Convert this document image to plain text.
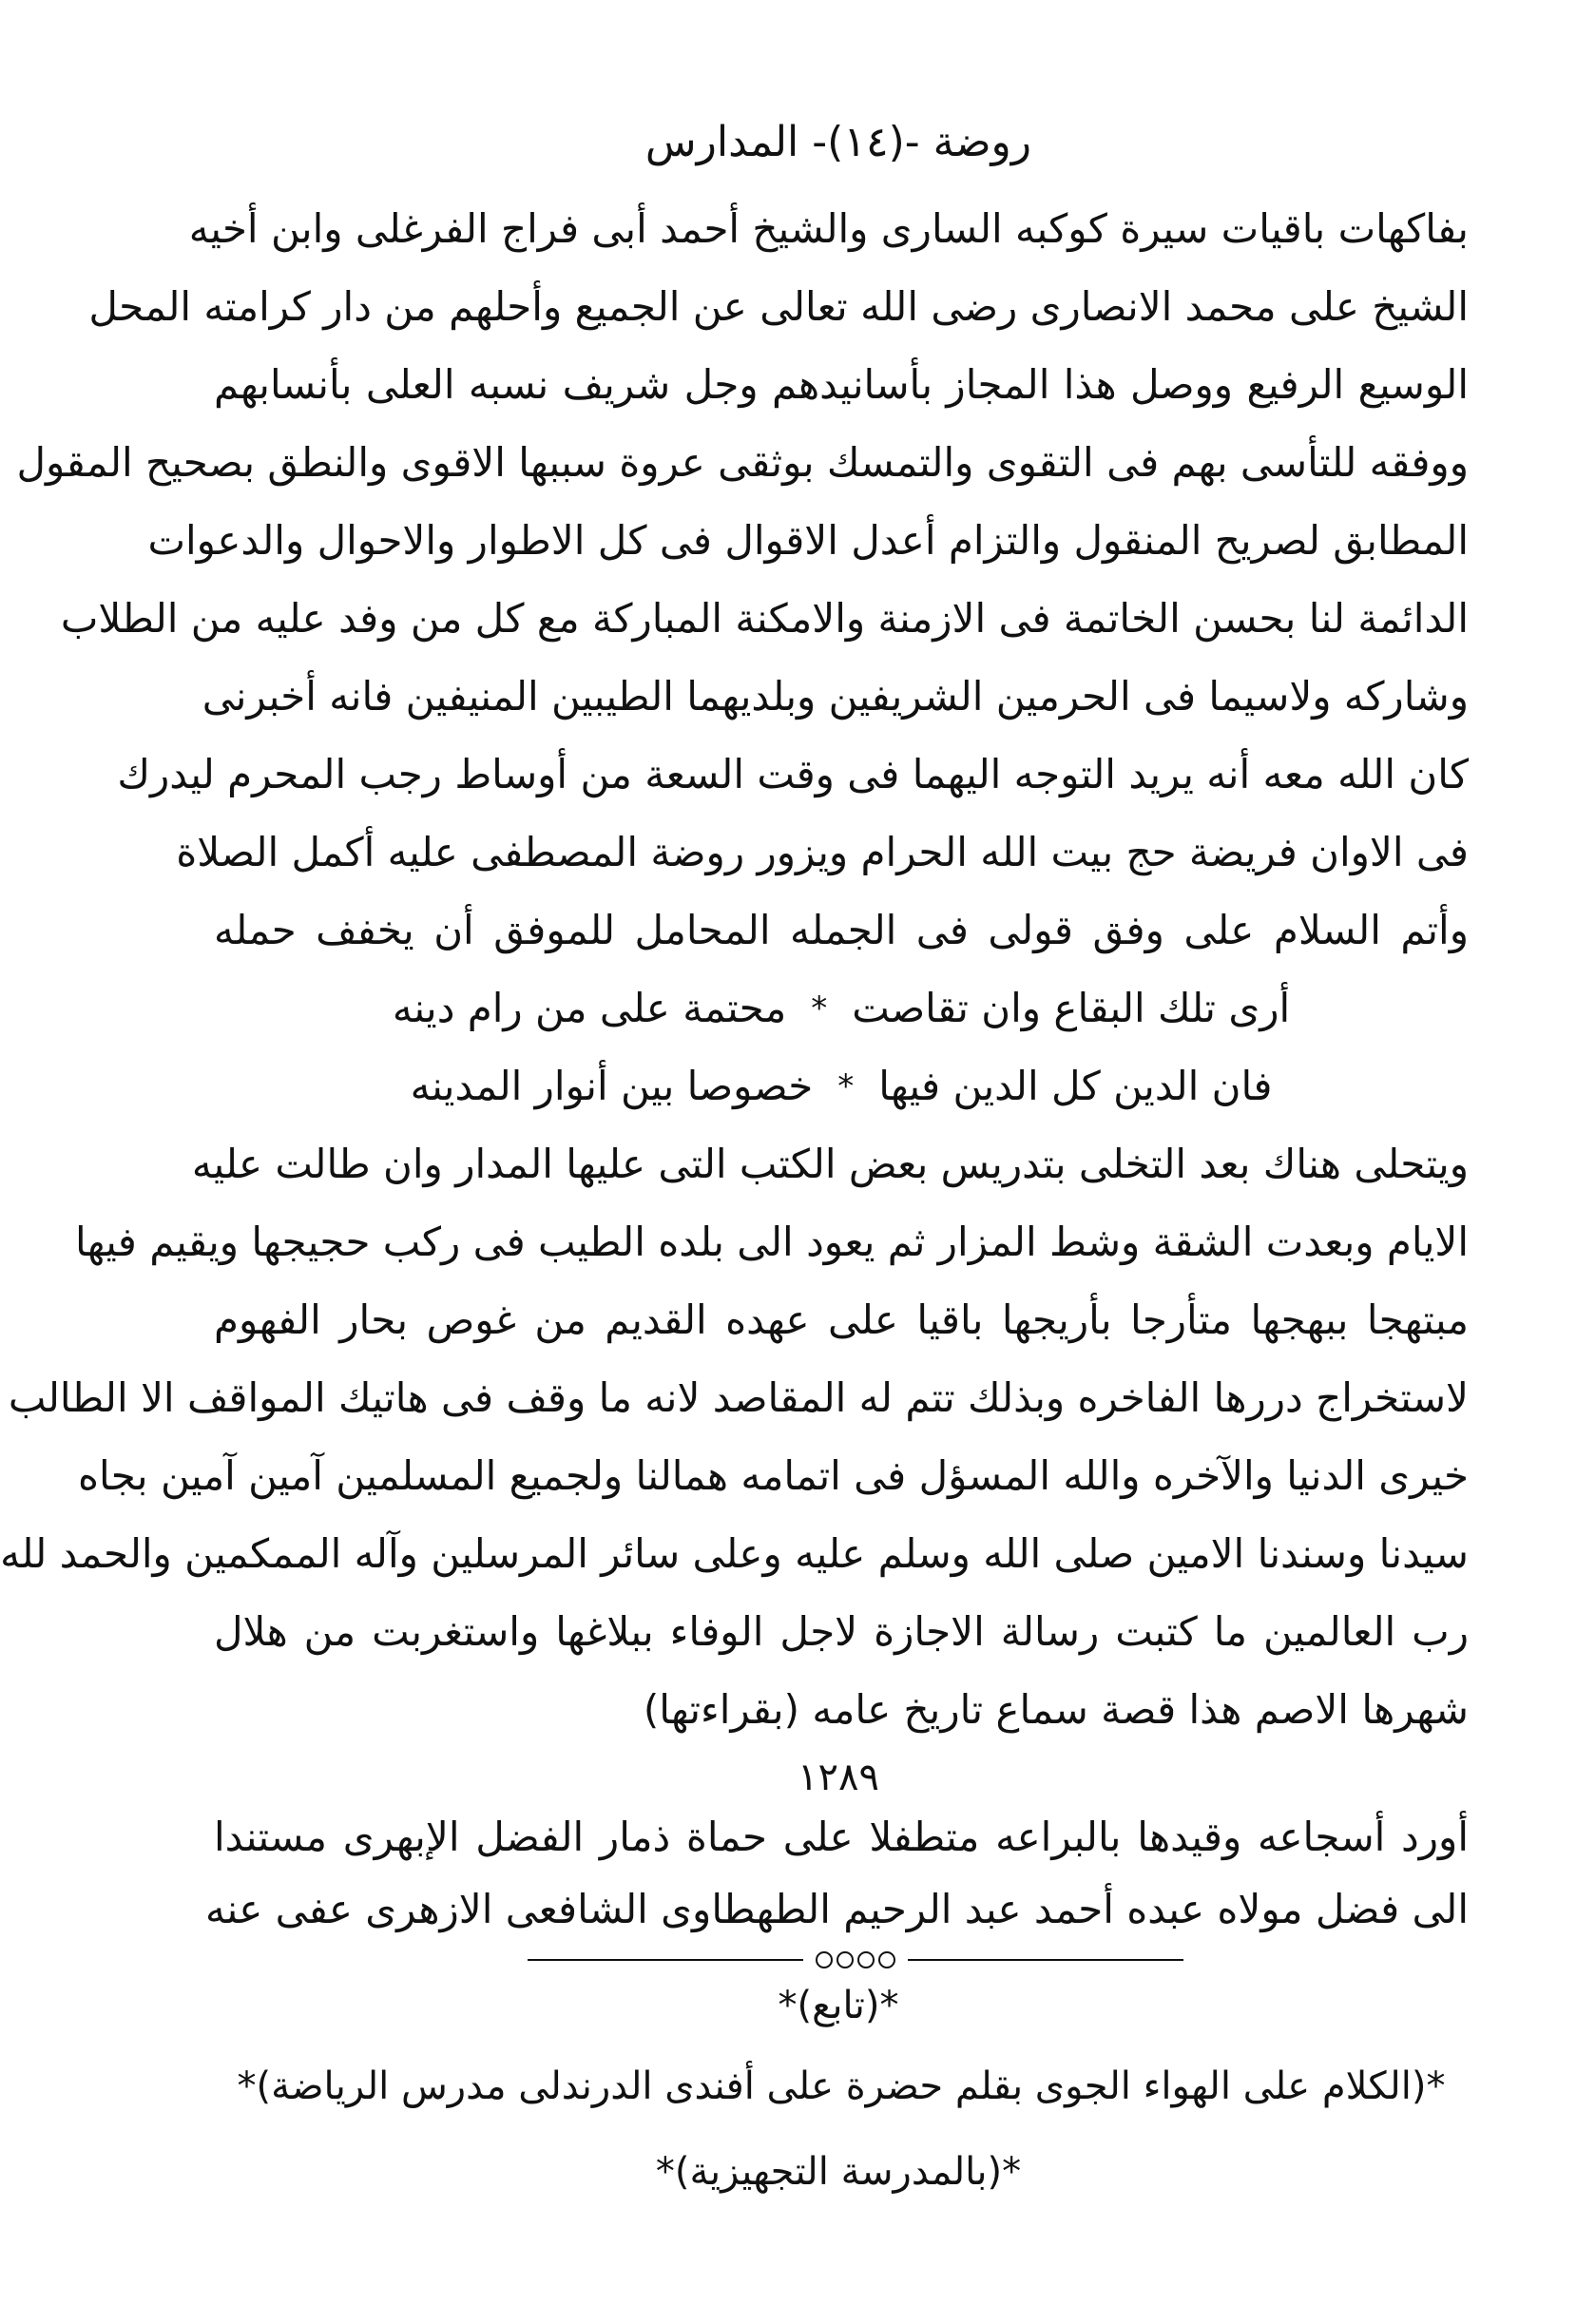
روضة -(١٤)- المدارس
بفاكهات باقيات سيرة كوكبه السارى والشيخ أحمد أبى فراج الفرغلى وابن أخيه
الشيخ على محمد الانصارى رضى الله تعالى عن الجميع وأحلهم من دار كرامته المحل
الوسيع الرفيع ووصل هذا المجاز بأسانيدهم وجل شريف نسبه العلى بأنسابهم
ووفقه للتأسى بهم فى التقوى والتمسك بوثقى عروة سببها الاقوى والنطق بصحيح المقول
المطابق لصريح المنقول والتزام أعدل الاقوال فى كل الاطوار والاحوال والدعوات
الدائمة لنا بحسن الخاتمة فى الازمنة والامكنة المباركة مع كل من وفد عليه من الطلاب
وشاركه ولاسيما فى الحرمين الشريفين وبلديهما الطيبين المنيفين فانه أخبرنى
كان الله معه أنه يريد التوجه اليهما فى وقت السعة من أوساط رجب المحرم ليدرك
فى الاوان فريضة حج بيت الله الحرام ويزور روضة المصطفى عليه أكمل الصلاة
وأتم السلام على وفق قولى فى الجمله المحامل للموفق أن يخفف حمله
أرى تلك البقاع وان تقاصت
*
محتمة على من رام دينه
فان الدين كل الدين فيها
*
خصوصا بين أنوار المدينه
ويتحلى هناك بعد التخلى بتدريس بعض الكتب التى عليها المدار وان طالت عليه
الايام وبعدت الشقة وشط المزار ثم يعود الى بلده الطيب فى ركب حجيجها ويقيم فيها
مبتهجا ببهجها متأرجا بأريجها باقيا على عهده القديم من غوص بحار الفهوم
لاستخراج دررها الفاخره وبذلك تتم له المقاصد لانه ما وقف فى هاتيك المواقف الا الطالب
خيرى الدنيا والآخره والله المسؤل فى اتمامه همالنا ولجميع المسلمين آمين آمين بجاه
سيدنا وسندنا الامين صلى الله وسلم عليه وعلى سائر المرسلين وآله الممكمين والحمد لله
رب العالمين ما كتبت رسالة الاجازة لاجل الوفاء ببلاغها واستغربت من هلال
شهرها الاصم هذا قصة سماع تاريخ عامه (بقراءتها)
١٢٨٩
أورد أسجاعه وقيدها بالبراعه متطفلا على حماة ذمار الفضل الإبهرى مستندا
الى فضل مولاه عبده أحمد عبد الرحيم الطهطاوى الشافعى الازهرى عفى عنه
*(تابع)*
*(الكلام على الهواء الجوى بقلم حضرة على أفندى الدرندلى مدرس الرياضة)*
*(بالمدرسة التجهيزية)*
